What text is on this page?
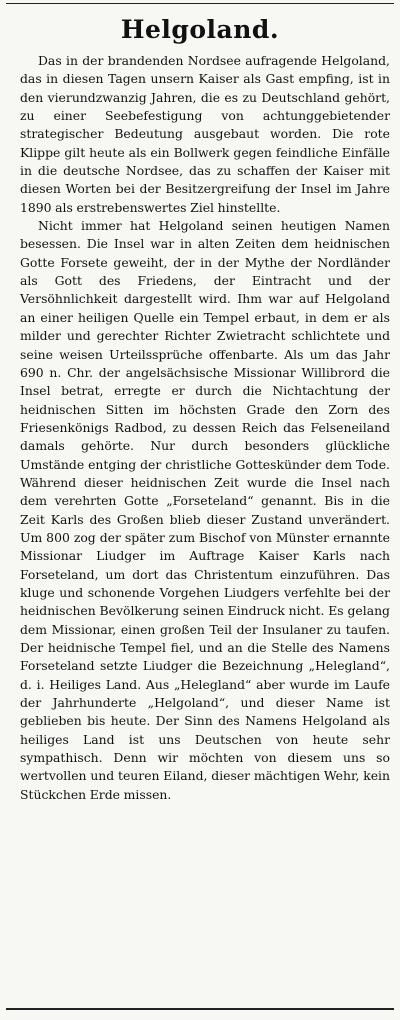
Helgoland.

Das in der brandenden Nordsee aufragende Helgoland, das in diesen Tagen unsern Kaiser als Gast empfing, ist in den vierundzwanzig Jahren, die es zu Deutschland gehört, zu einer Seebefestigung von achtunggebietender strategischer Bedeutung ausgebaut worden. Die rote Klippe gilt heute als ein Bollwerk gegen feindliche Einfälle in die deutsche Nordsee, das zu schaffen der Kaiser mit diesen Worten bei der Besitzergreifung der Insel im Jahre 1890 als erstrebenswertes Ziel hinstellte.

Nicht immer hat Helgoland seinen heutigen Namen besessen. Die Insel war in alten Zeiten dem heidnischen Gotte Forsete geweiht, der in der Mythe der Nordländer als Gott des Friedens, der Eintracht und der Versöhnlichkeit dargestellt wird. Ihm war auf Helgoland an einer heiligen Quelle ein Tempel erbaut, in dem er als milder und gerechter Richter Zwietracht schlichtete und seine weisen Urteilssprüche offenbarte. Als um das Jahr 690 n. Chr. der angelsächsische Missionar Willibrord die Insel betrat, erregte er durch die Nichtachtung der heidnischen Sitten im höchsten Grade den Zorn des Friesenkönigs Radbod, zu dessen Reich das Felseneiland damals gehörte. Nur durch besonders glückliche Umstände entging der christliche Gotteskünder dem Tode. Während dieser heidnischen Zeit wurde die Insel nach dem verehrten Gotte „Forseteland“ genannt. Bis in die Zeit Karls des Großen blieb dieser Zustand unverändert. Um 800 zog der später zum Bischof von Münster ernannte Missionar Liudger im Auftrage Kaiser Karls nach Forseteland, um dort das Christentum einzuführen. Das kluge und schonende Vorgehen Liudgers verfehlte bei der heidnischen Bevölkerung seinen Eindruck nicht. Es gelang dem Missionar, einen großen Teil der Insulaner zu taufen. Der heidnische Tempel fiel, und an die Stelle des Namens Forseteland setzte Liudger die Bezeichnung „Helegland“, d. i. Heiliges Land. Aus „Helegland“ aber wurde im Laufe der Jahrhunderte „Helgoland“, und dieser Name ist geblieben bis heute. Der Sinn des Namens Helgoland als heiliges Land ist uns Deutschen von heute sehr sympathisch. Denn wir möchten von diesem uns so wertvollen und teuren Eiland, dieser mächtigen Wehr, kein Stückchen Erde missen.
